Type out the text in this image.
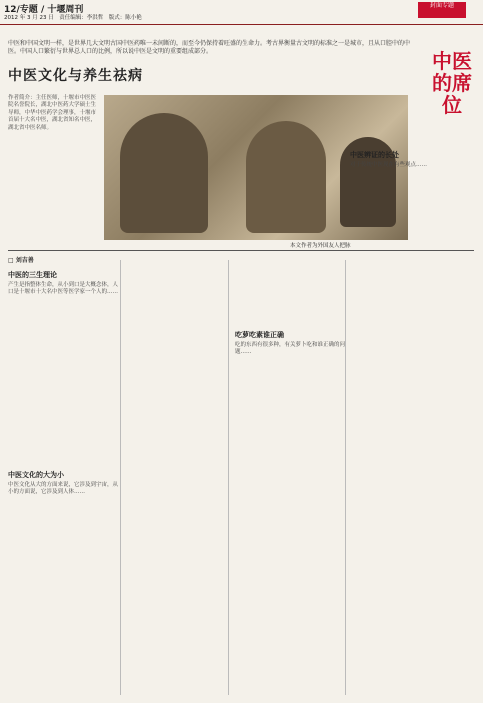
12/专题 / 十堰周刊
2012 年 3 月 23 日　责任编辑：李洪哲　版式：陈小艳
封面专题
中医和中国文明一样，是世界几大文明古国中医药唯一未间断的，而至今仍保持着旺盛的生命力。考古界衡量古文明的标准之一是城市，且从口腔中的中医。中国人口繁衍与世界总人口的比例，所以说中医是文明的重要组成部分。
中医文化与养生祛病
作者简介：主任医师，十堰市中医医院名誉院长，湖北中医药大学硕士生导师，中华中医药学会理事，十堰市首届十大名中医，湖北省知名中医，湖北省中医名师。
本文作者为外国友人把脉
中医的席位
□ 刘吉善
中医的三生理论
产生是指整体生命，从小到口是大概念体，人口是十堰市十大名中医等医学家一个人的……
中医文化的大为小
中医文化从大的方面来说，它涉及到宇宙，从小的方面说，它涉及到人体……
吃萝吃素谁正确
吃的东西有很多种，有关萝卜吃和谁正确的问题……
中医辨证的长处
对于传统中医现在有些观点……
